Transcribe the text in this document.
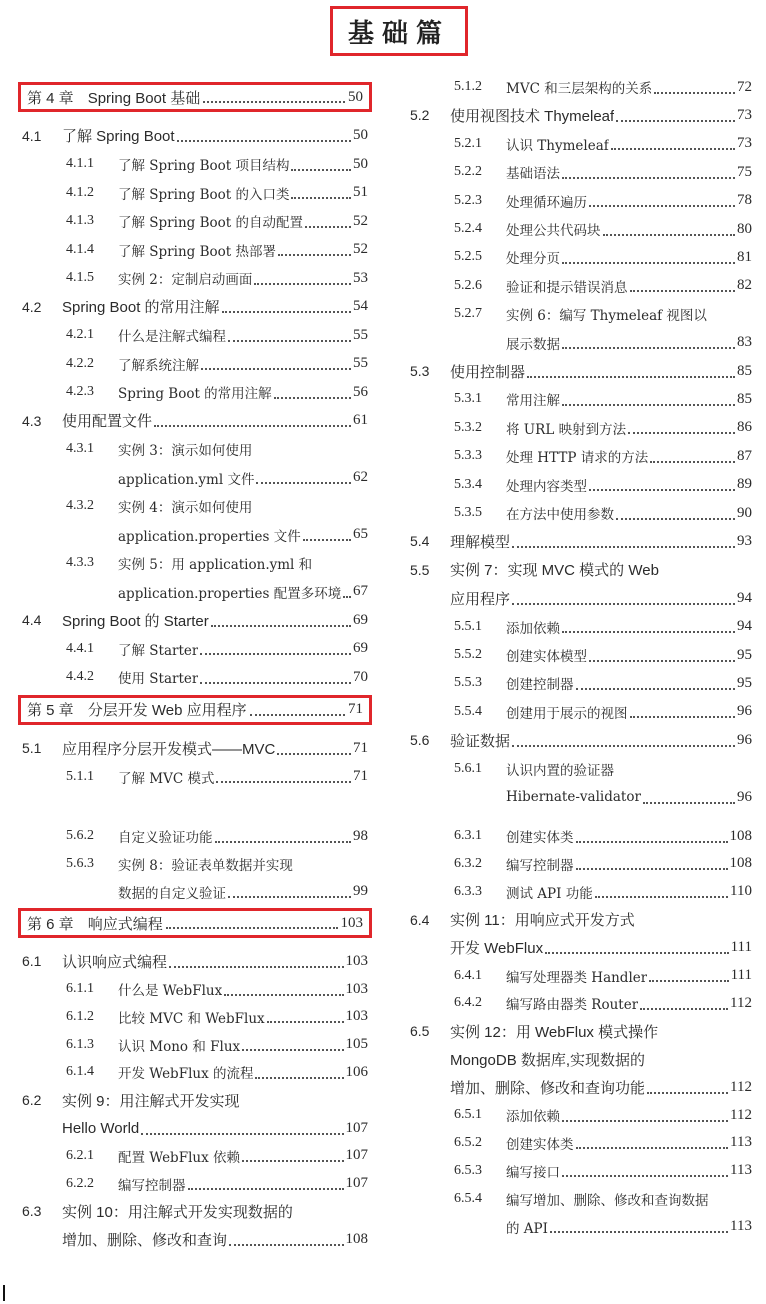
基础篇
第 4 章 Spring Boot 基础	50
4.1	了解 Spring Boot	50
4.1.1	了解 Spring Boot 项目结构	50
4.1.2	了解 Spring Boot 的入口类	51
4.1.3	了解 Spring Boot 的自动配置	52
4.1.4	了解 Spring Boot 热部署	52
4.1.5	实例 2：定制启动画面	53
4.2	Spring Boot 的常用注解	54
4.2.1	什么是注解式编程	55
4.2.2	了解系统注解	55
4.2.3	Spring Boot 的常用注解	56
4.3	使用配置文件	61
4.3.1	实例 3：演示如何使用
application.yml 文件	62
4.3.2	实例 4：演示如何使用
application.properties 文件	65
4.3.3	实例 5：用 application.yml 和
application.properties 配置多环境 67
4.4	Spring Boot 的 Starter	69
4.4.1	了解 Starter	69
4.4.2	使用 Starter	70
第 5 章 分层开发 Web 应用程序	71
5.1	应用程序分层开发模式——MVC	71
5.1.1	了解 MVC 模式	71
5.1.2	MVC 和三层架构的关系	72
5.2	使用视图技术 Thymeleaf	73
5.2.1	认识 Thymeleaf	73
5.2.2	基础语法	75
5.2.3	处理循环遍历	78
5.2.4	处理公共代码块	80
5.2.5	处理分页	81
5.2.6	验证和提示错误消息	82
5.2.7	实例 6：编写 Thymeleaf 视图以
展示数据	83
5.3	使用控制器	85
5.3.1	常用注解	85
5.3.2	将 URL 映射到方法	86
5.3.3	处理 HTTP 请求的方法	87
5.3.4	处理内容类型	89
5.3.5	在方法中使用参数	90
5.4	理解模型	93
5.5	实例 7：实现 MVC 模式的 Web
应用程序	94
5.5.1	添加依赖	94
5.5.2	创建实体模型	95
5.5.3	创建控制器	95
5.5.4	创建用于展示的视图	96
5.6	验证数据	96
5.6.1	认识内置的验证器
Hibernate-validator	96
5.6.2	自定义验证功能	98
5.6.3	实例 8：验证表单数据并实现
数据的自定义验证	99
第 6 章 响应式编程	103
6.1	认识响应式编程	103
6.1.1	什么是 WebFlux	103
6.1.2	比较 MVC 和 WebFlux	103
6.1.3	认识 Mono 和 Flux	105
6.1.4	开发 WebFlux 的流程	106
6.2	实例 9：用注解式开发实现
Hello World	107
6.2.1	配置 WebFlux 依赖	107
6.2.2	编写控制器	107
6.3	实例 10：用注解式开发实现数据的
增加、删除、修改和查询	108
6.3.1	创建实体类	108
6.3.2	编写控制器	108
6.3.3	测试 API 功能	110
6.4	实例 11：用响应式开发方式
开发 WebFlux	111
6.4.1	编写处理器类 Handler	111
6.4.2	编写路由器类 Router	112
6.5	实例 12：用 WebFlux 模式操作
MongoDB 数据库,实现数据的
增加、删除、修改和查询功能	112
6.5.1	添加依赖	112
6.5.2	创建实体类	113
6.5.3	编写接口	113
6.5.4	编写增加、删除、修改和查询数据
的 API	113
